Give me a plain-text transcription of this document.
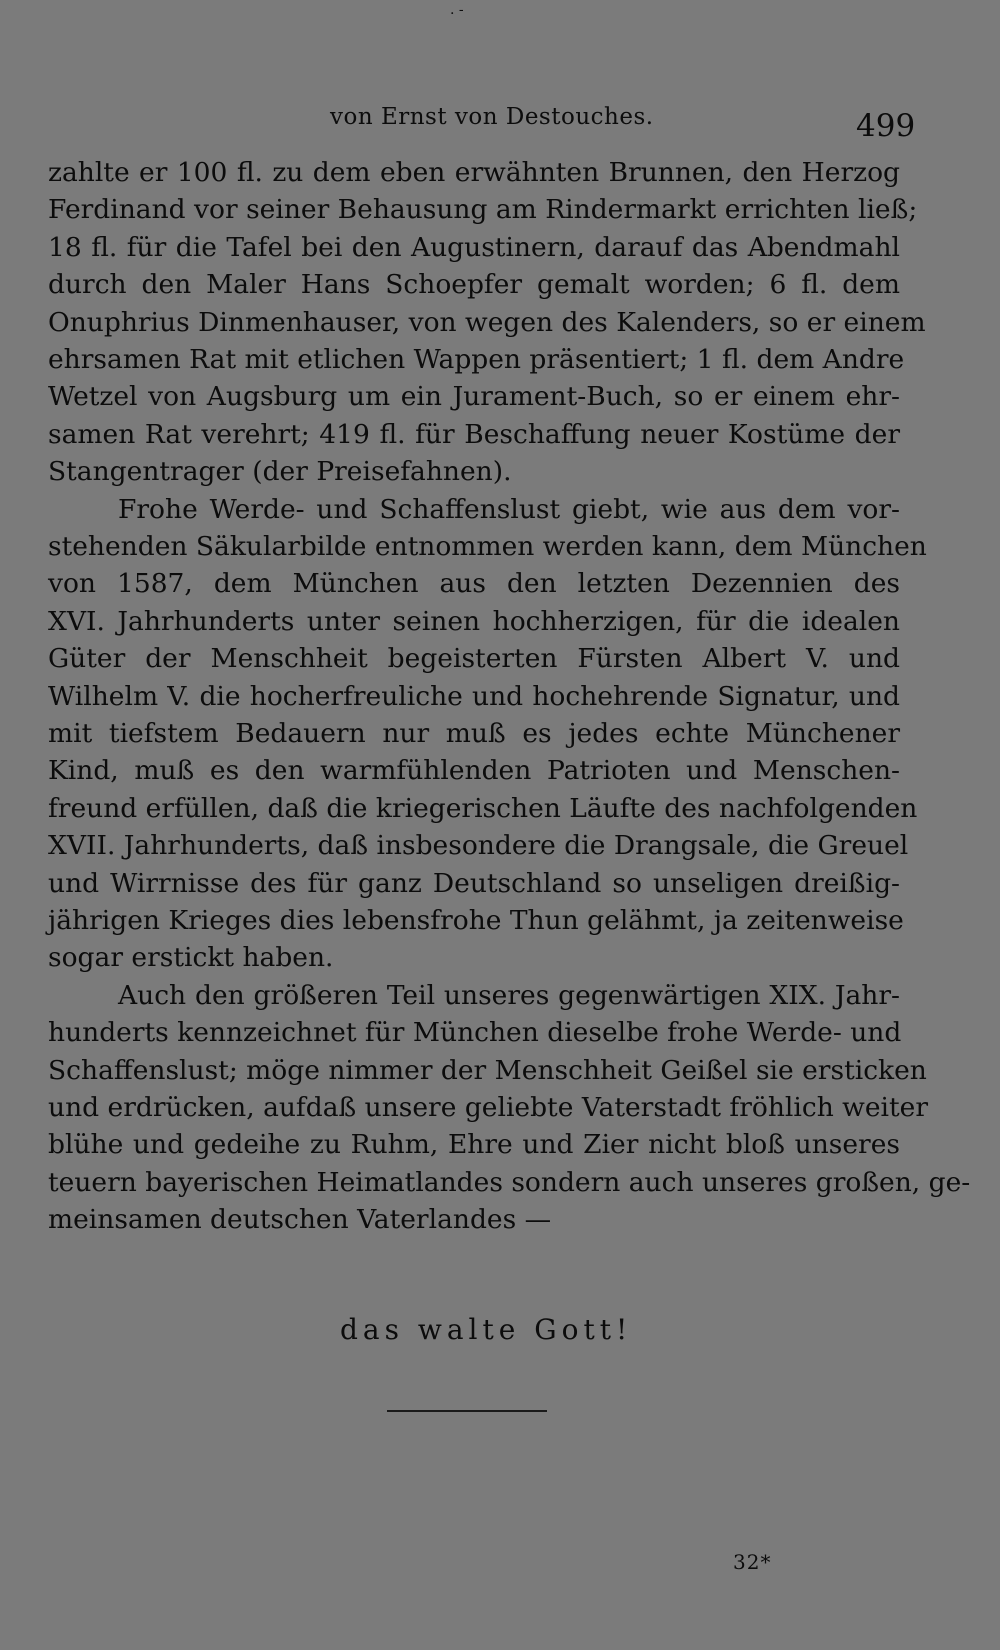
. ‐
von Ernst von Destouches.	499
zahlte er 100 fl. zu dem eben erwähnten Brunnen, den Herzog
Ferdinand vor seiner Behausung am Rindermarkt errichten ließ;
18 fl. für die Tafel bei den Augustinern, darauf das Abendmahl
durch den Maler Hans Schoepfer gemalt worden; 6 fl. dem
Onuphrius Dinmenhauser, von wegen des Kalenders, so er einem
ehrsamen Rat mit etlichen Wappen präsentiert; 1 fl. dem Andre
Wetzel von Augsburg um ein Jurament-Buch, so er einem ehr-
samen Rat verehrt; 419 fl. für Beschaffung neuer Kostüme der
Stangentrager (der Preisefahnen).
Frohe Werde- und Schaffenslust giebt, wie aus dem vor-
stehenden Säkularbilde entnommen werden kann, dem München
von 1587, dem München aus den letzten Dezennien des
XVI. Jahrhunderts unter seinen hochherzigen, für die idealen
Güter der Menschheit begeisterten Fürsten Albert V. und
Wilhelm V. die hocherfreuliche und hochehrende Signatur, und
mit tiefstem Bedauern nur muß es jedes echte Münchener
Kind, muß es den warmfühlenden Patrioten und Menschen-
freund erfüllen, daß die kriegerischen Läufte des nachfolgenden
XVII. Jahrhunderts, daß insbesondere die Drangsale, die Greuel
und Wirrnisse des für ganz Deutschland so unseligen dreißig-
jährigen Krieges dies lebensfrohe Thun gelähmt, ja zeitenweise
sogar erstickt haben.
Auch den größeren Teil unseres gegenwärtigen XIX. Jahr-
hunderts kennzeichnet für München dieselbe frohe Werde- und
Schaffenslust; möge nimmer der Menschheit Geißel sie ersticken
und erdrücken, aufdaß unsere geliebte Vaterstadt fröhlich weiter
blühe und gedeihe zu Ruhm, Ehre und Zier nicht bloß unseres
teuern bayerischen Heimatlandes sondern auch unseres großen, ge-
meinsamen deutschen Vaterlandes —
das walte Gott!
32*
